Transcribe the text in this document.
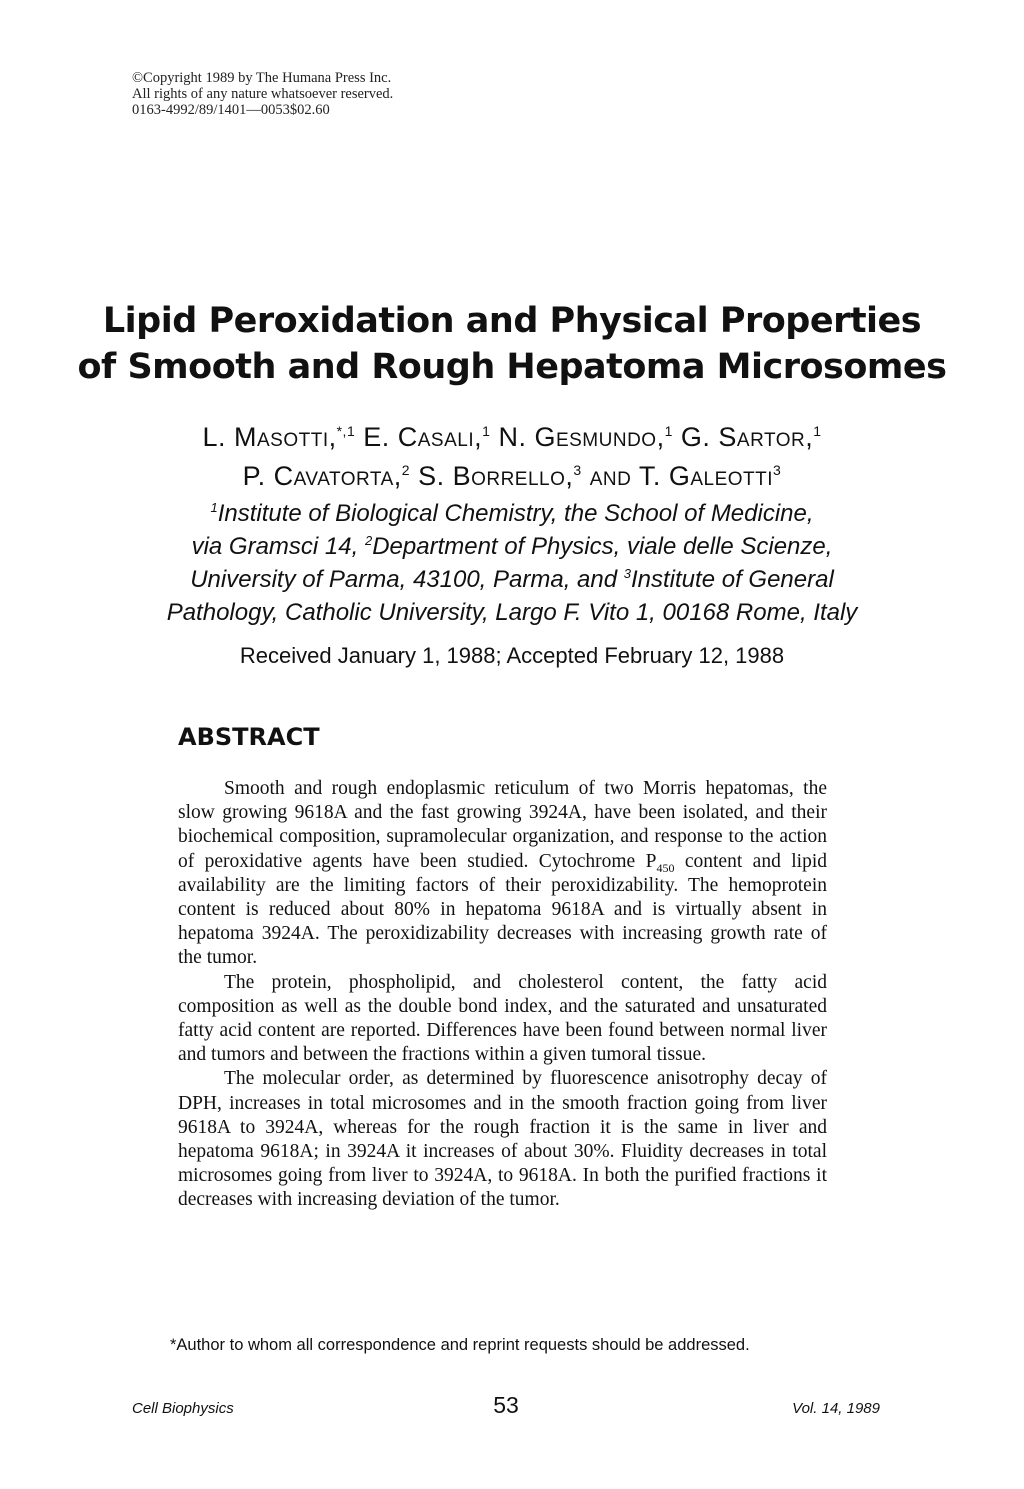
©Copyright 1989 by The Humana Press Inc.
All rights of any nature whatsoever reserved.
0163-4992/89/1401—0053$02.60
Lipid Peroxidation and Physical Properties
of Smooth and Rough Hepatoma Microsomes
L. Masotti,$^{*,1}$ E. Casali,$^1$ N. Gesmundo,$^1$ G. Sartor,$^1$
P. Cavatorta,$^2$ S. Borrello,$^3$ and T. Galeotti$^3$
$^1$Institute of Biological Chemistry, the School of Medicine,
via Gramsci 14, $^2$Department of Physics, viale delle Scienze,
University of Parma, 43100, Parma, and $^3$Institute of General
Pathology, Catholic University, Largo F. Vito 1, 00168 Rome, Italy
Received January 1, 1988; Accepted February 12, 1988
ABSTRACT

Smooth and rough endoplasmic reticulum of two Morris hepatomas, the slow growing 9618A and the fast growing 3924A, have been isolated, and their biochemical composition, supramolecular organization, and response to the action of peroxidative agents have been studied. Cytochrome $P_{450}$ content and lipid availability are the limiting factors of their peroxidizability. The hemoprotein content is reduced about 80% in hepatoma 9618A and is virtually absent in hepatoma 3924A. The peroxidizability decreases with increasing growth rate of the tumor.

The protein, phospholipid, and cholesterol content, the fatty acid composition as well as the double bond index, and the saturated and unsaturated fatty acid content are reported. Differences have been found between normal liver and tumors and between the fractions within a given tumoral tissue.

The molecular order, as determined by fluorescence anisotrophy decay of DPH, increases in total microsomes and in the smooth fraction going from liver 9618A to 3924A, whereas for the rough fraction it is the same in liver and hepatoma 9618A; in 3924A it increases of about 30%. Fluidity decreases in total microsomes going from liver to 3924A, to 9618A. In both the purified fractions it decreases with increasing deviation of the tumor.

*Author to whom all correspondence and reprint requests should be addressed.
Cell Biophysics	53	Vol. 14, 1989
